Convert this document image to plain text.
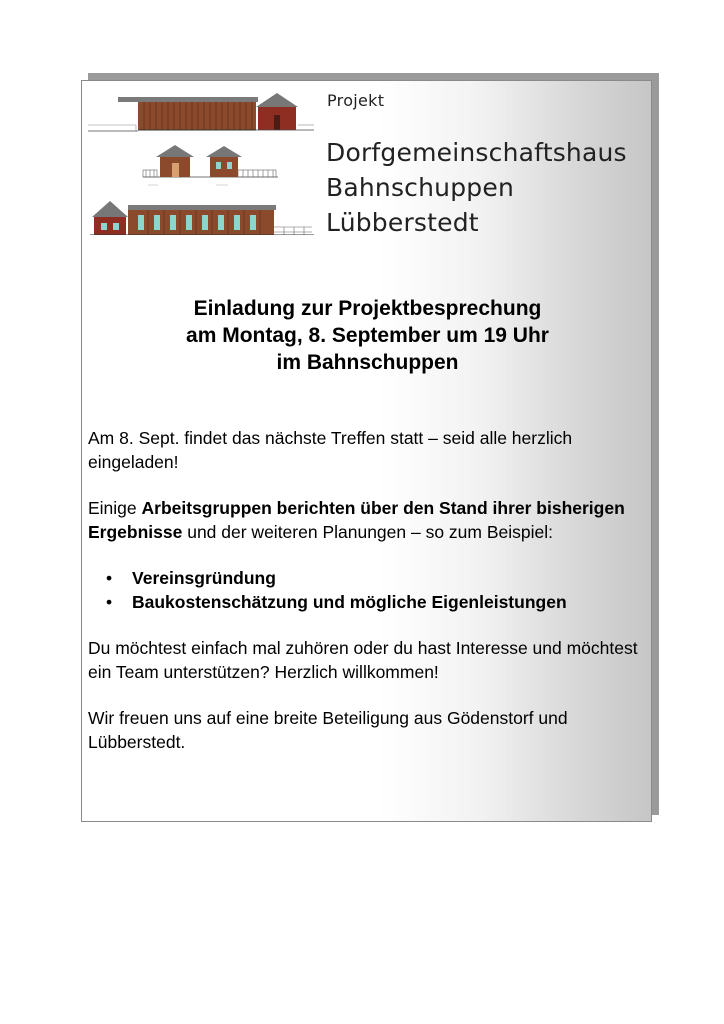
Projekt
Dorfgemeinschaftshaus
Bahnschuppen
Lübberstedt
Einladung zur Projektbesprechung
am Montag, 8. September um 19 Uhr
im Bahnschuppen

Am 8. Sept. findet das nächste Treffen statt – seid alle herzlich eingeladen!

Einige Arbeitsgruppen berichten über den Stand ihrer bisherigen Ergebnisse und der weiteren Planungen – so zum Beispiel:

• Vereinsgründung
• Baukostenschätzung und mögliche Eigenleistungen

Du möchtest einfach mal zuhören oder du hast Interesse und möchtest ein Team unterstützen? Herzlich willkommen!

Wir freuen uns auf eine breite Beteiligung aus Gödenstorf und Lübberstedt.
